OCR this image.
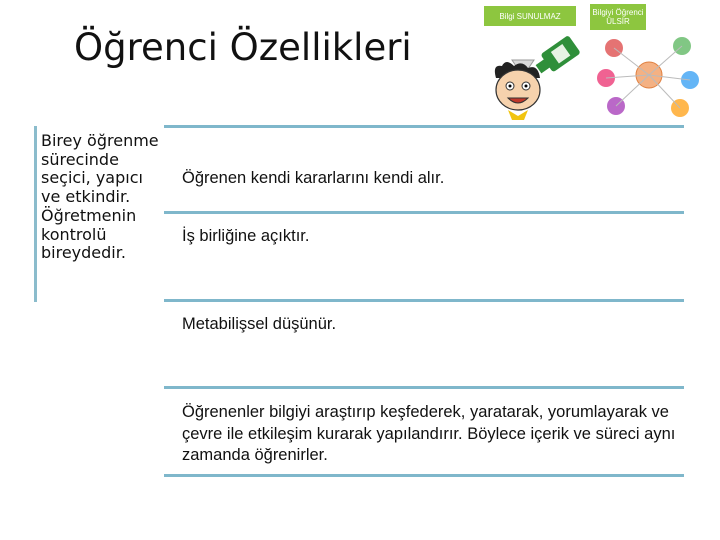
Öğrenci Özellikleri
Bilgi SUNULMAZ	Bilgiyi Öğrenci ÜLSİR
Birey öğrenme sürecinde seçici, yapıcı ve etkindir. Öğretmenin kontrolü bireydedir.
Öğrenen kendi kararlarını kendi alır.
İş birliğine açıktır.
Metabilişsel düşünür.
Öğrenenler bilgiyi araştırıp keşfederek, yaratarak, yorumlayarak ve çevre ile etkileşim kurarak yapılandırır. Böylece içerik ve süreci aynı zamanda öğrenirler.
